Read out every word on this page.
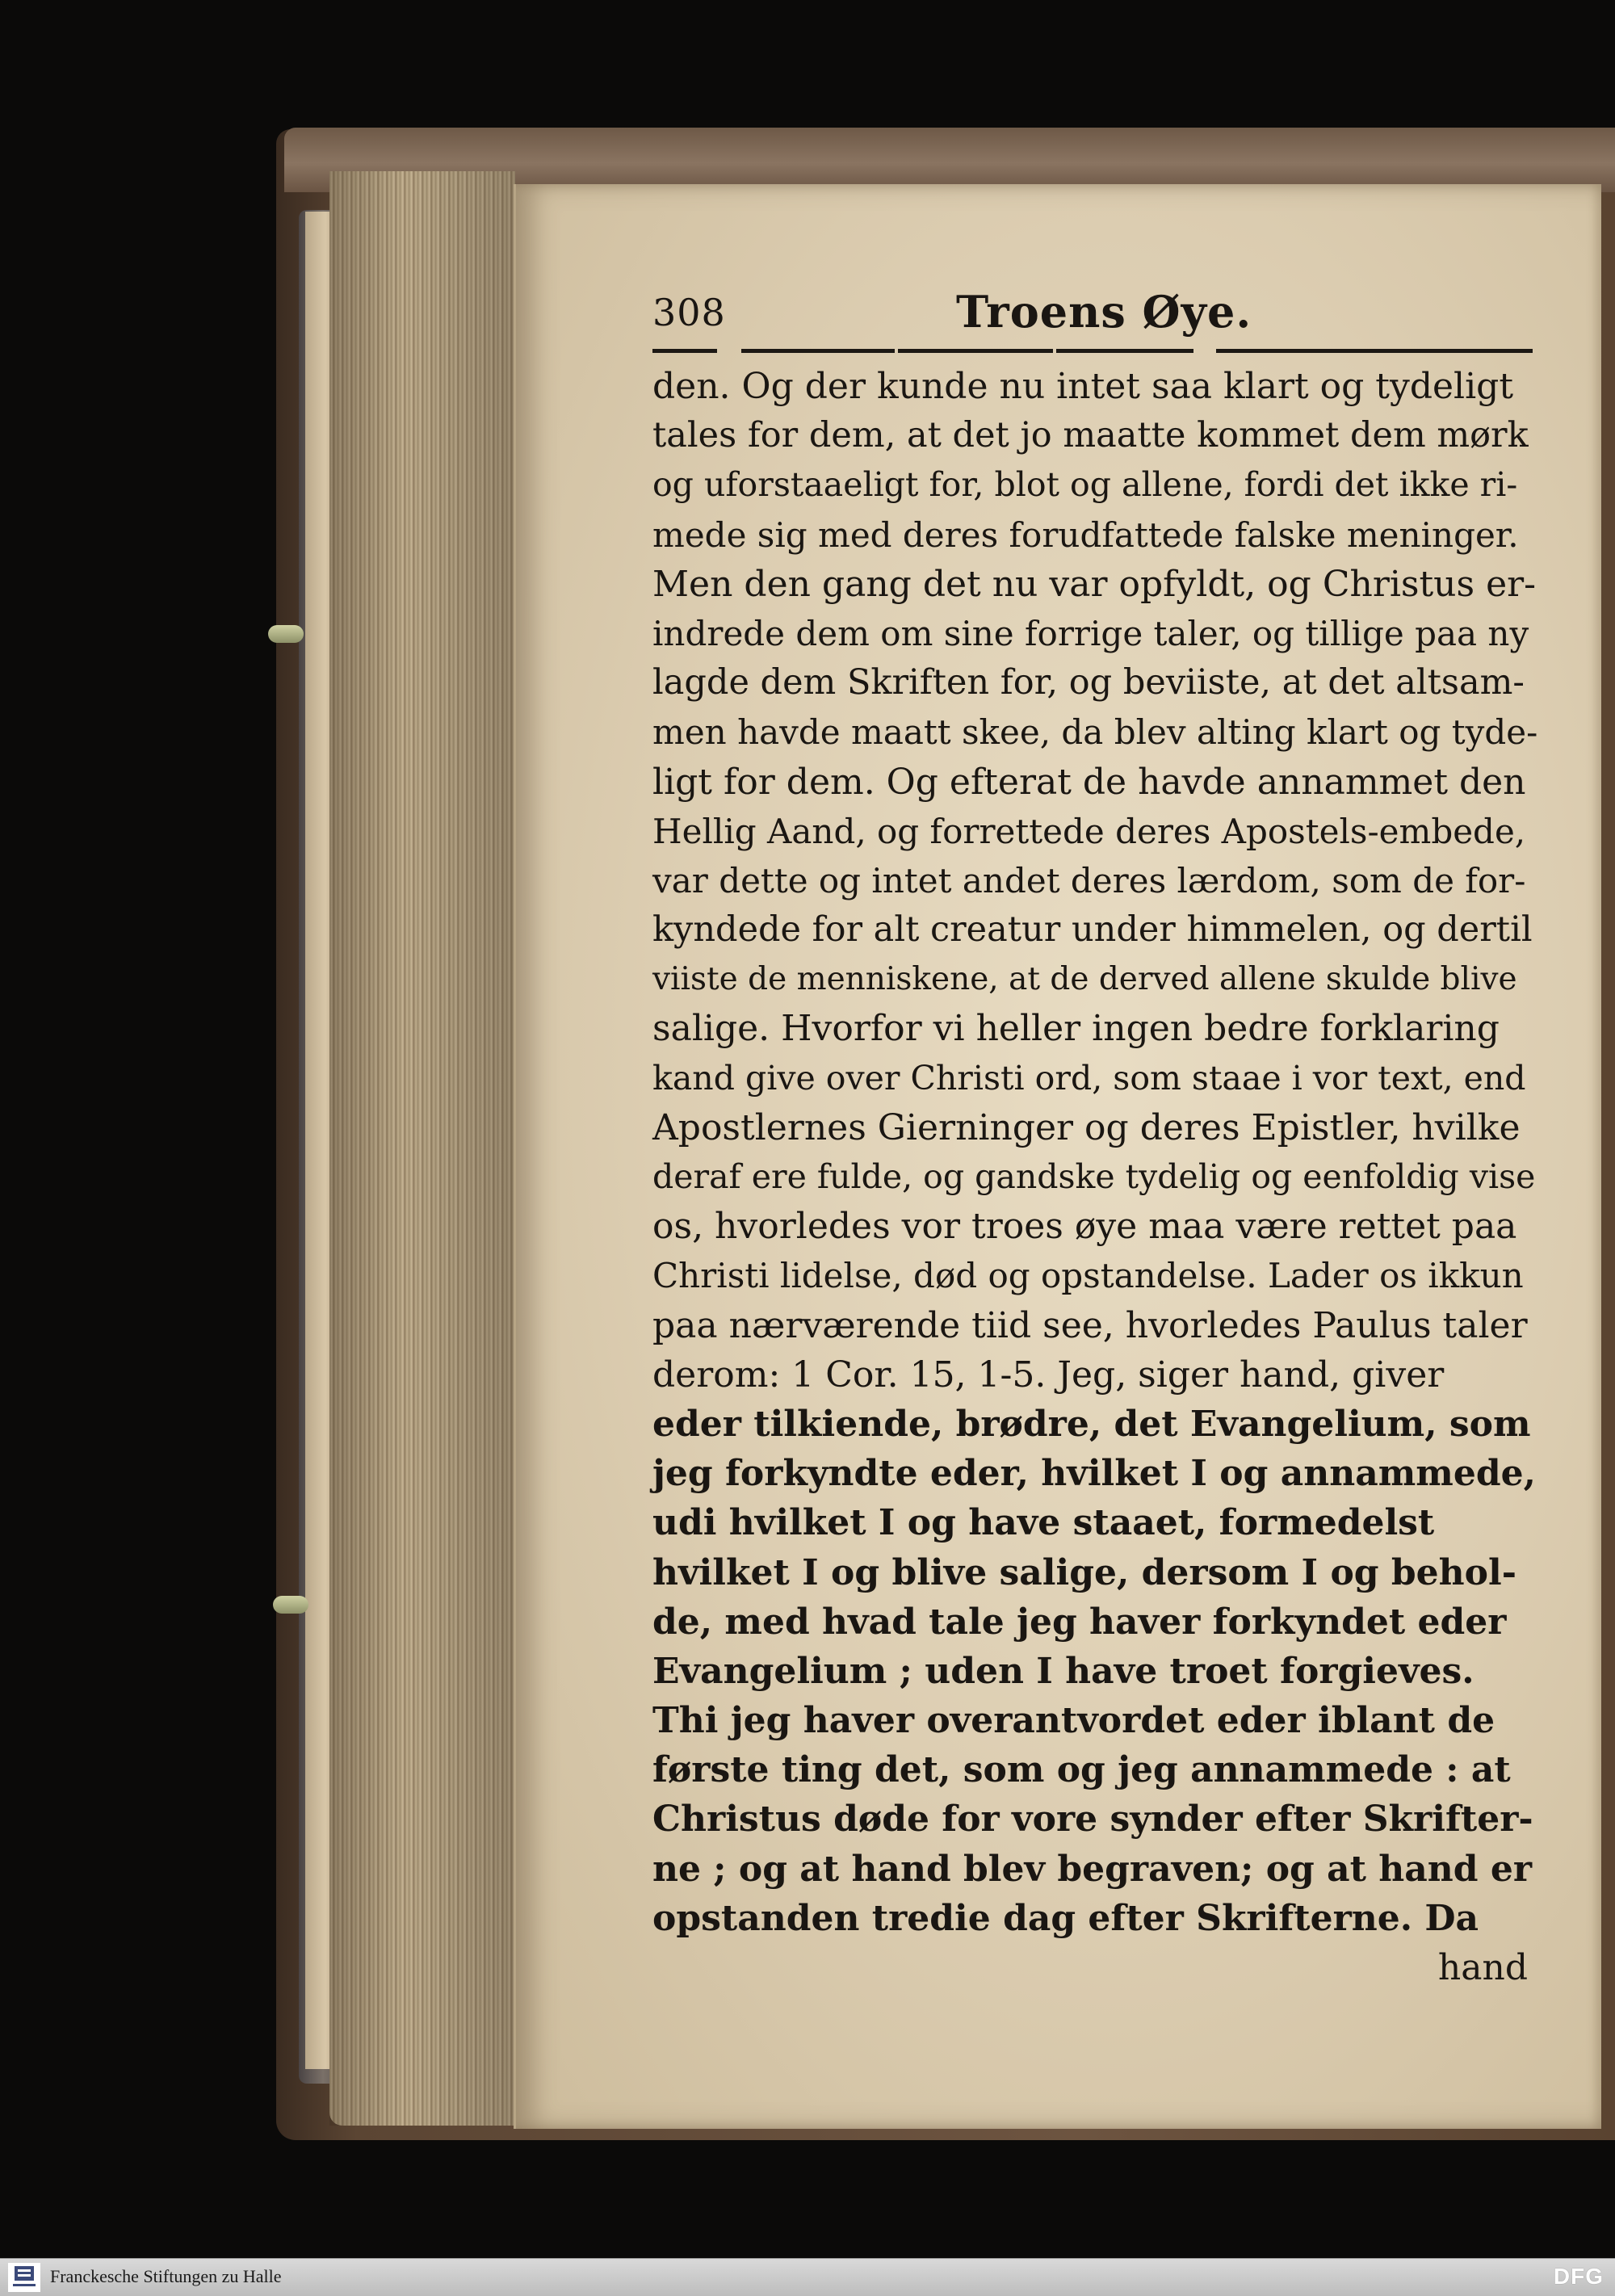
308	Troens Øye.
den. Og der kunde nu intet saa klart og tydeligt
tales for dem, at det jo maatte kommet dem mørk
og uforstaaeligt for, blot og allene, fordi det ikke ri-
mede sig med deres forudfattede falske meninger.
Men den gang det nu var opfyldt, og Christus er-
indrede dem om sine forrige taler, og tillige paa ny
lagde dem Skriften for, og beviiste, at det altsam-
men havde maatt skee, da blev alting klart og tyde-
ligt for dem. Og efterat de havde annammet den
Hellig Aand, og forrettede deres Apostels-embede,
var dette og intet andet deres lærdom, som de for-
kyndede for alt creatur under himmelen, og dertil
viiste de menniskene, at de derved allene skulde blive
salige. Hvorfor vi heller ingen bedre forklaring
kand give over Christi ord, som staae i vor text, end
Apostlernes Gierninger og deres Epistler, hvilke
deraf ere fulde, og gandske tydelig og eenfoldig vise
os, hvorledes vor troes øye maa være rettet paa
Christi lidelse, død og opstandelse. Lader os ikkun
paa nærværende tiid see, hvorledes Paulus taler
derom: 1 Cor. 15, 1-5. Jeg, siger hand, giver
eder tilkiende, brødre, det Evangelium, som
jeg forkyndte eder, hvilket I og annammede,
udi hvilket I og have staaet, formedelst
hvilket I og blive salige, dersom I og behol-
de, med hvad tale jeg haver forkyndet eder
Evangelium ; uden I have troet forgieves.
Thi jeg haver overantvordet eder iblant de
første ting det, som og jeg annammede : at
Christus døde for vore synder efter Skrifter-
ne ; og at hand blev begraven; og at hand er
opstanden tredie dag efter Skrifterne. Da
hand
Franckesche Stiftungen zu Halle	DFG
